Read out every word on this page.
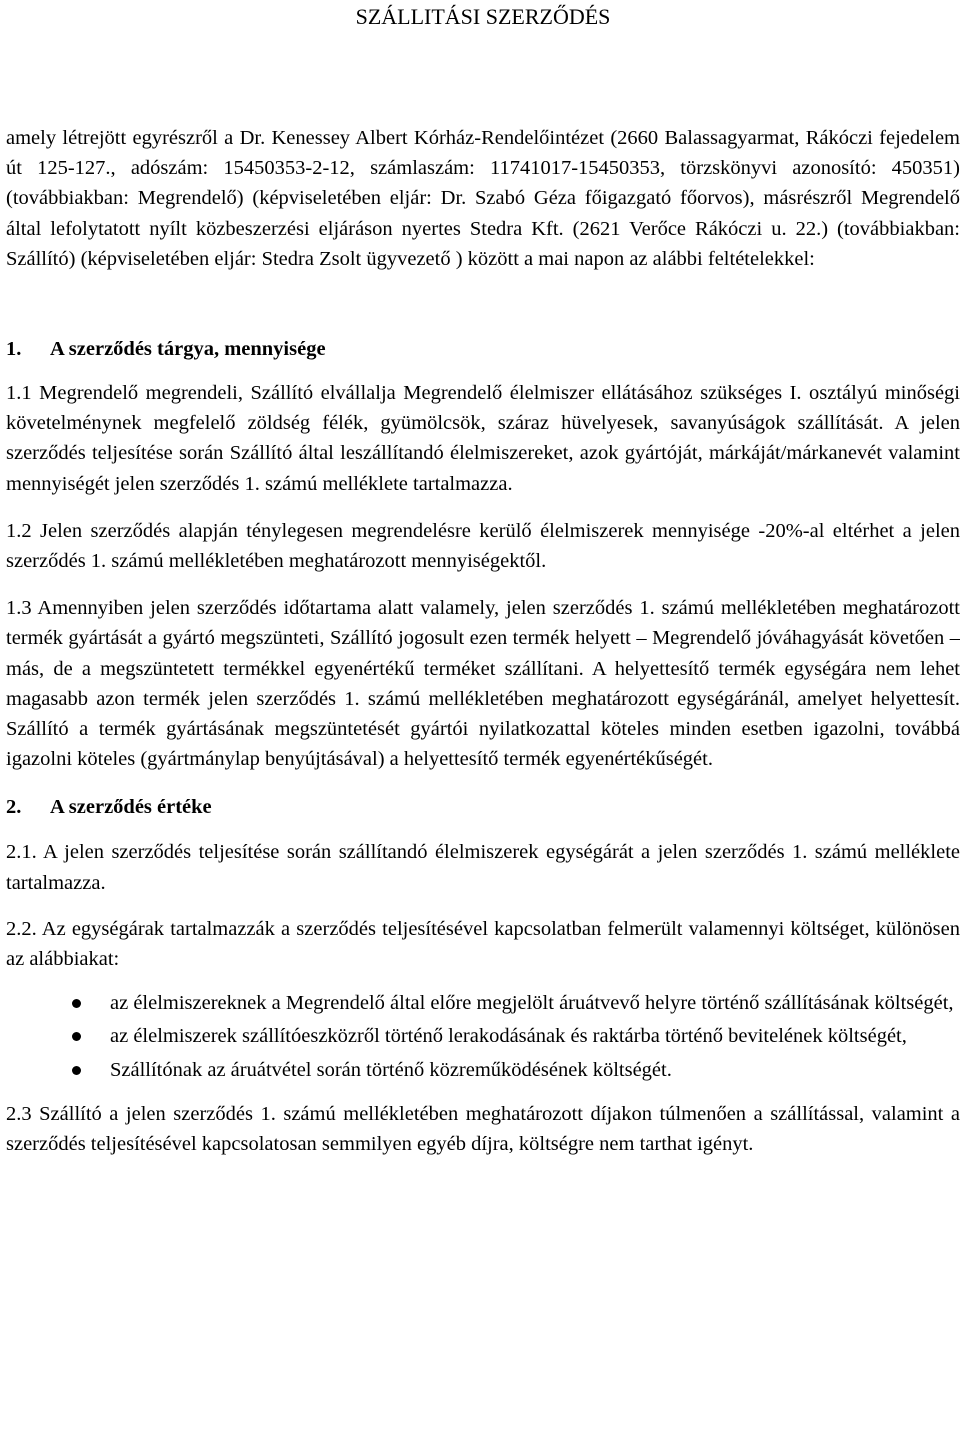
SZÁLLITÁSI SZERZŐDÉS

amely létrejött egyrészről a Dr. Kenessey Albert Kórház-Rendelőintézet (2660 Balassagyarmat, Rákóczi fejedelem út 125-127., adószám: 15450353-2-12, számlaszám: 11741017-15450353, törzskönyvi azonosító: 450351) (továbbiakban: Megrendelő) (képviseletében eljár: Dr. Szabó Géza főigazgató főorvos), másrészről Megrendelő által lefolytatott nyílt közbeszerzési eljáráson nyertes Stedra Kft. (2621 Verőce Rákóczi u. 22.) (továbbiakban: Szállító) (képviseletében eljár: Stedra Zsolt ügyvezető ) között a mai napon az alábbi feltételekkel:

1. A szerződés tárgya, mennyisége

1.1 Megrendelő megrendeli, Szállító elvállalja Megrendelő élelmiszer ellátásához szükséges I. osztályú minőségi követelménynek megfelelő zöldség félék, gyümölcsök, száraz hüvelyesek, savanyúságok szállítását. A jelen szerződés teljesítése során Szállító által leszállítandó élelmiszereket, azok gyártóját, márkáját/márkanevét valamint mennyiségét jelen szerződés 1. számú melléklete tartalmazza.

1.2 Jelen szerződés alapján ténylegesen megrendelésre kerülő élelmiszerek mennyisége -20%-al eltérhet a jelen szerződés 1. számú mellékletében meghatározott mennyiségektől.

1.3 Amennyiben jelen szerződés időtartama alatt valamely, jelen szerződés 1. számú mellékletében meghatározott termék gyártását a gyártó megszünteti, Szállító jogosult ezen termék helyett – Megrendelő jóváhagyását követően – más, de a megszüntetett termékkel egyenértékű terméket szállítani. A helyettesítő termék egységára nem lehet magasabb azon termék jelen szerződés 1. számú mellékletében meghatározott egységáránál, amelyet helyettesít. Szállító a termék gyártásának megszüntetését gyártói nyilatkozattal köteles minden esetben igazolni, továbbá igazolni köteles (gyártmánylap benyújtásával) a helyettesítő termék egyenértékűségét.

2. A szerződés értéke

2.1. A jelen szerződés teljesítése során szállítandó élelmiszerek egységárát a jelen szerződés 1. számú melléklete tartalmazza.

2.2. Az egységárak tartalmazzák a szerződés teljesítésével kapcsolatban felmerült valamennyi költséget, különösen az alábbiakat:

az élelmiszereknek a Megrendelő által előre megjelölt áruátvevő helyre történő szállításának költségét,
az élelmiszerek szállítóeszközről történő lerakodásának és raktárba történő bevitelének költségét,
Szállítónak az áruátvétel során történő közreműködésének költségét.

2.3 Szállító a jelen szerződés 1. számú mellékletében meghatározott díjakon túlmenően a szállítással, valamint a szerződés teljesítésével kapcsolatosan semmilyen egyéb díjra, költségre nem tarthat igényt.
